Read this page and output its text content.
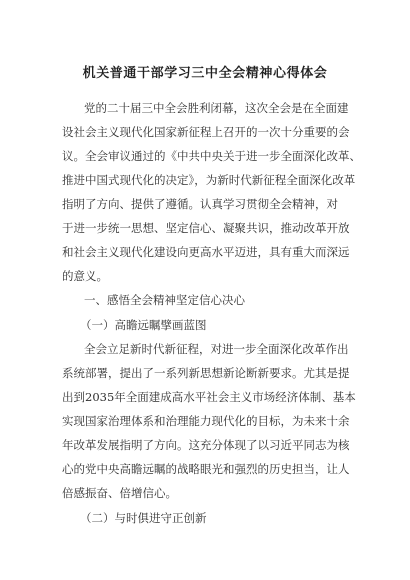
机关普通干部学习三中全会精神心得体会
党的二十届三中全会胜利闭幕，这次全会是在全面建
设社会主义现代化国家新征程上召开的一次十分重要的会
议。全会审议通过的《中共中央关于进一步全面深化改革、
推进中国式现代化的决定》，为新时代新征程全面深化改革
指明了方向、提供了遵循。认真学习贯彻全会精神，对
于进一步统一思想、坚定信心、凝聚共识，推动改革开放
和社会主义现代化建设向更高水平迈进，具有重大而深远
的意义。
一、感悟全会精神坚定信心决心
（一）高瞻远瞩擘画蓝图
全会立足新时代新征程，对进一步全面深化改革作出
系统部署，提出了一系列新思想新论断新要求。尤其是提
出到2035年全面建成高水平社会主义市场经济体制、基本
实现国家治理体系和治理能力现代化的目标，为未来十余
年改革发展指明了方向。这充分体现了以习近平同志为核
心的党中央高瞻远瞩的战略眼光和强烈的历史担当，让人
倍感振奋、倍增信心。
（二）与时俱进守正创新
